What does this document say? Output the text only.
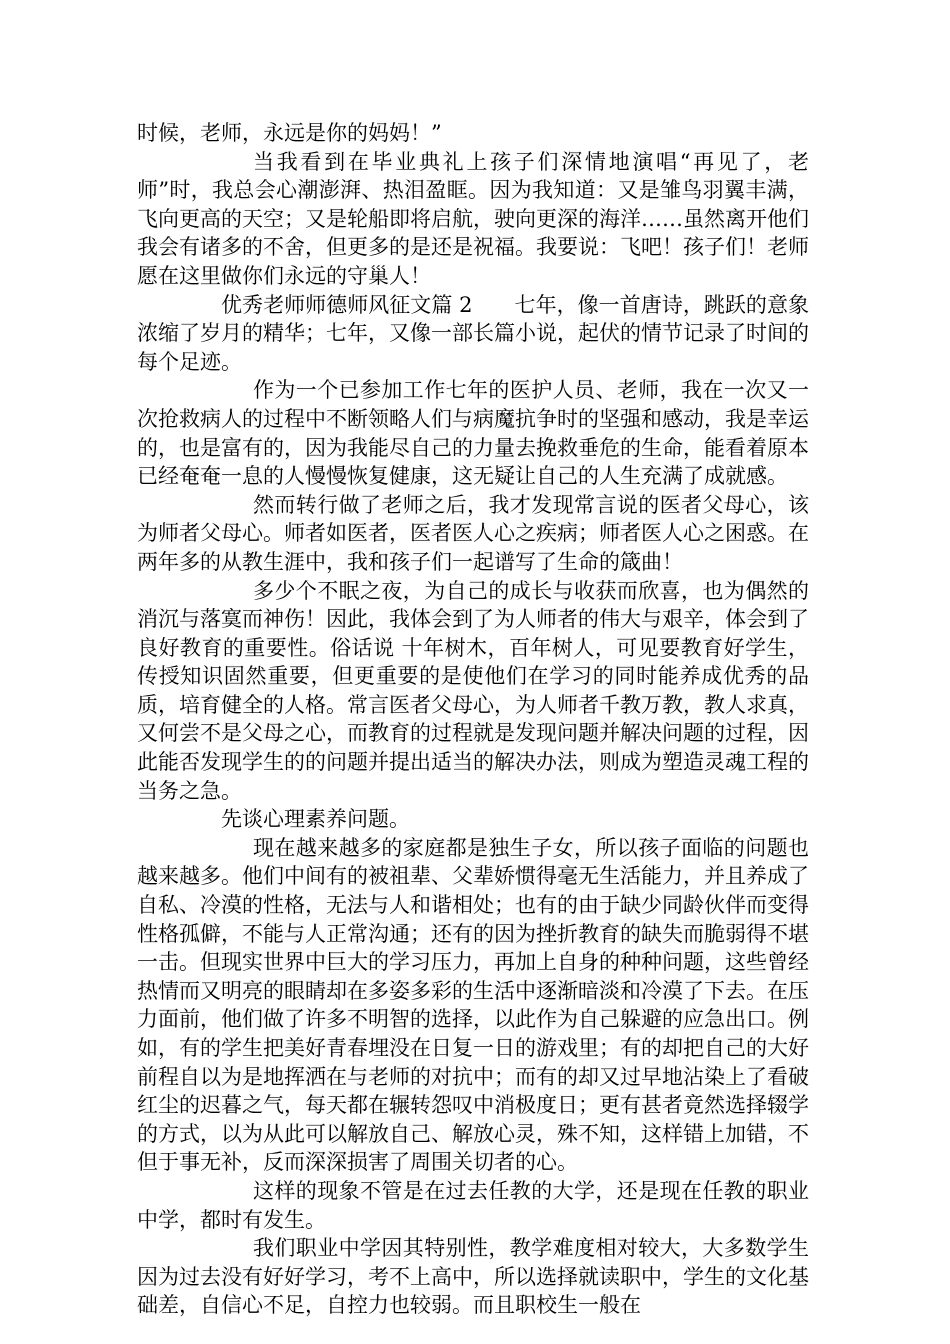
时候，老师，永远是你的妈妈！”

当我看到在毕业典礼上孩子们深情地演唱“再见了，老师”时，我总会心潮澎湃、热泪盈眶。因为我知道：又是雏鸟羽翼丰满，飞向更高的天空；又是轮船即将启航，驶向更深的海洋……虽然离开他们我会有诸多的不舍，但更多的是还是祝福。我要说：飞吧！孩子们！老师愿在这里做你们永远的守巢人！

优秀老师师德师风征文篇 2　　七年，像一首唐诗，跳跃的意象浓缩了岁月的精华；七年，又像一部长篇小说，起伏的情节记录了时间的每个足迹。

作为一个已参加工作七年的医护人员、老师，我在一次又一次抢救病人的过程中不断领略人们与病魔抗争时的坚强和感动，我是幸运的，也是富有的，因为我能尽自己的力量去挽救垂危的生命，能看着原本已经奄奄一息的人慢慢恢复健康，这无疑让自己的人生充满了成就感。

然而转行做了老师之后，我才发现常言说的医者父母心，该为师者父母心。师者如医者，医者医人心之疾病；师者医人心之困惑。在两年多的从教生涯中，我和孩子们一起谱写了生命的箴曲！

多少个不眠之夜，为自己的成长与收获而欣喜，也为偶然的消沉与落寞而神伤！因此，我体会到了为人师者的伟大与艰辛，体会到了良好教育的重要性。俗话说 十年树木，百年树人，可见要教育好学生，传授知识固然重要，但更重要的是使他们在学习的同时能养成优秀的品质，培育健全的人格。常言医者父母心，为人师者千教万教，教人求真，又何尝不是父母之心，而教育的过程就是发现问题并解决问题的过程，因此能否发现学生的的问题并提出适当的解决办法，则成为塑造灵魂工程的当务之急。

先谈心理素养问题。

现在越来越多的家庭都是独生子女，所以孩子面临的问题也越来越多。他们中间有的被祖辈、父辈娇惯得毫无生活能力，并且养成了自私、冷漠的性格，无法与人和谐相处；也有的由于缺少同龄伙伴而变得性格孤僻，不能与人正常沟通；还有的因为挫折教育的缺失而脆弱得不堪一击。但现实世界中巨大的学习压力，再加上自身的种种问题，这些曾经热情而又明亮的眼睛却在多姿多彩的生活中逐渐暗淡和冷漠了下去。在压力面前，他们做了许多不明智的选择，以此作为自己躲避的应急出口。例如，有的学生把美好青春埋没在日复一日的游戏里；有的却把自己的大好前程自以为是地挥洒在与老师的对抗中；而有的却又过早地沾染上了看破红尘的迟暮之气，每天都在辗转怨叹中消极度日；更有甚者竟然选择辍学的方式，以为从此可以解放自己、解放心灵，殊不知，这样错上加错，不但于事无补，反而深深损害了周围关切者的心。

这样的现象不管是在过去任教的大学，还是现在任教的职业中学，都时有发生。

我们职业中学因其特别性，教学难度相对较大，大多数学生因为过去没有好好学习，考不上高中，所以选择就读职中，学生的文化基础差，自信心不足，自控力也较弱。而且职校生一般在
